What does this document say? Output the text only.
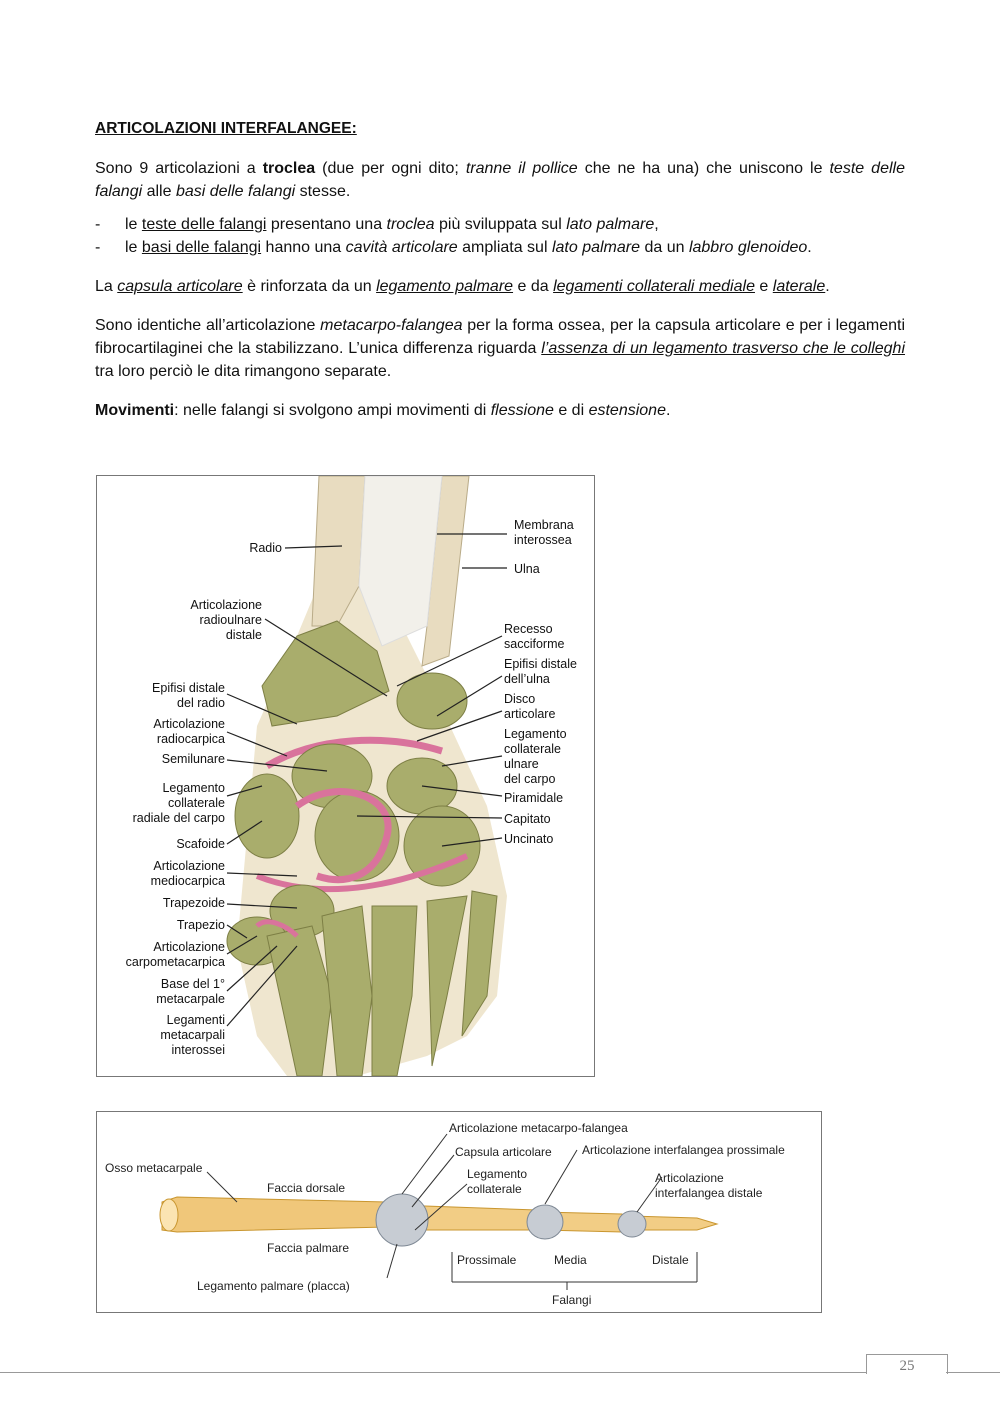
ARTICOLAZIONI INTERFALANGEE:

Sono 9 articolazioni a troclea (due per ogni dito; tranne il pollice che ne ha una) che uniscono le teste delle falangi alle basi delle falangi stesse.

- le teste delle falangi presentano una troclea più sviluppata sul lato palmare,
- le basi delle falangi hanno una cavità articolare ampliata sul lato palmare da un labbro glenoideo.

La capsula articolare è rinforzata da un legamento palmare e da legamenti collaterali mediale e laterale.

Sono identiche all’articolazione metacarpo-falangea per la forma ossea, per la capsula articolare e per i legamenti fibrocartilaginei che la stabilizzano. L’unica differenza riguarda l’assenza di un legamento trasverso che le colleghi tra loro perciò le dita rimangono separate.

Movimenti: nelle falangi si svolgono ampi movimenti di flessione e di estensione.

Radio
Articolazione
radioulnare
distale
Epifisi distale
del radio
Articolazione
radiocarpica
Semilunare
Legamento
collaterale
radiale del carpo
Scafoide
Articolazione
mediocarpica
Trapezoide
Trapezio
Articolazione
carpometacarpica
Base del 1°
metacarpale
Legamenti
metacarpali
interossei
Membrana
interossea
Ulna
Recesso
sacciforme
Epifisi distale
dell’ulna
Disco
articolare
Legamento
collaterale
ulnare
del carpo
Piramidale
Capitato
Uncinato
Articolazione metacarpo-falangea
Osso metacarpale
Capsula articolare	Articolazione interfalangea prossimale
Legamento
collaterale
Articolazione
interfalangea distale
Faccia dorsale
Faccia palmare
Prossimale	Media	Distale
Legamento palmare (placca)
Falangi
25
